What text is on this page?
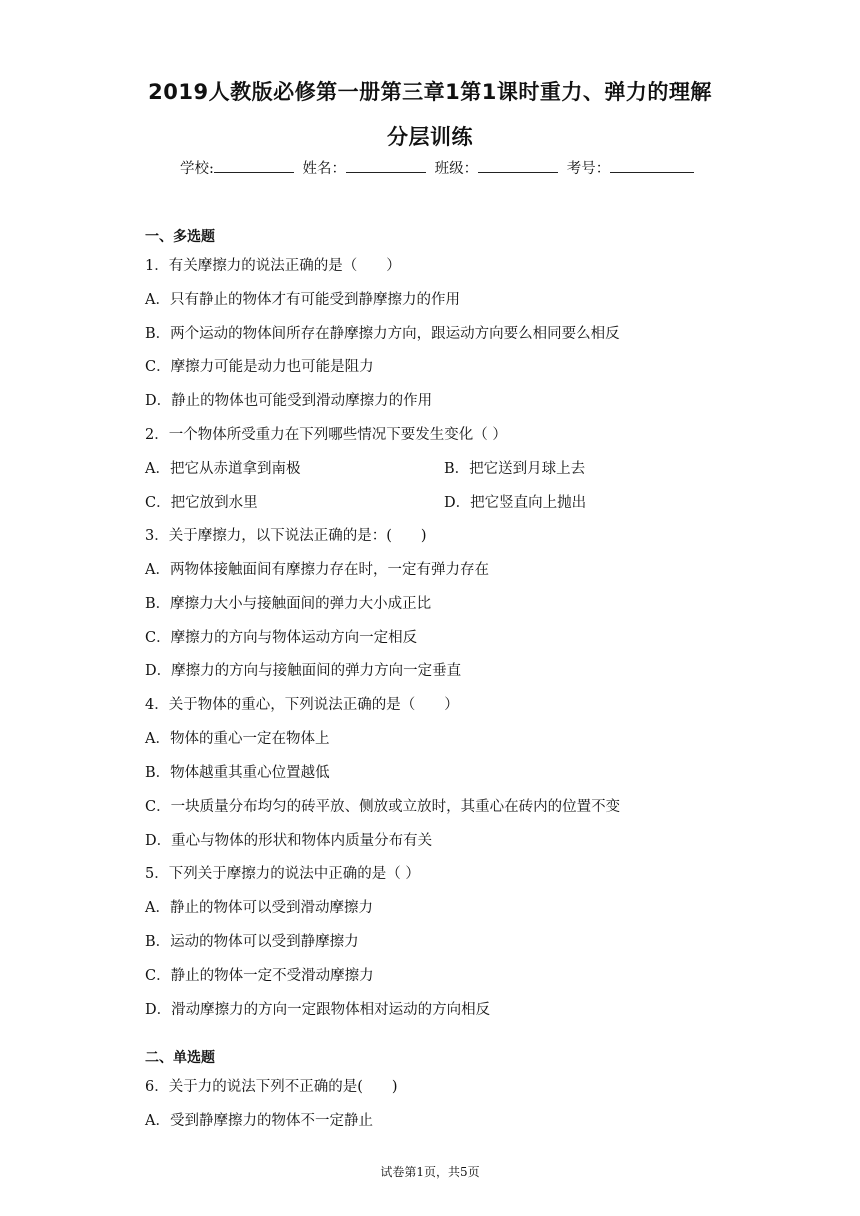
2019人教版必修第一册第三章1第1课时重力、弹力的理解
分层训练
学校:	姓名：	班级：	考号：
一、多选题
1．有关摩擦力的说法正确的是（　　）
A．只有静止的物体才有可能受到静摩擦力的作用
B．两个运动的物体间所存在静摩擦力方向，跟运动方向要么相同要么相反
C．摩擦力可能是动力也可能是阻力
D．静止的物体也可能受到滑动摩擦力的作用
2．一个物体所受重力在下列哪些情况下要发生变化（ ）
A．把它从赤道拿到南极	B．把它送到月球上去
C．把它放到水里	D．把它竖直向上抛出
3．关于摩擦力，以下说法正确的是：(　　)
A．两物体接触面间有摩擦力存在时，一定有弹力存在
B．摩擦力大小与接触面间的弹力大小成正比
C．摩擦力的方向与物体运动方向一定相反
D．摩擦力的方向与接触面间的弹力方向一定垂直
4．关于物体的重心，下列说法正确的是（　　）
A．物体的重心一定在物体上
B．物体越重其重心位置越低
C．一块质量分布均匀的砖平放、侧放或立放时，其重心在砖内的位置不变
D．重心与物体的形状和物体内质量分布有关
5．下列关于摩擦力的说法中正确的是（ ）
A．静止的物体可以受到滑动摩擦力
B．运动的物体可以受到静摩擦力
C．静止的物体一定不受滑动摩擦力
D．滑动摩擦力的方向一定跟物体相对运动的方向相反
二、单选题
6．关于力的说法下列不正确的是(　　)
A．受到静摩擦力的物体不一定静止
试卷第1页，共5页
